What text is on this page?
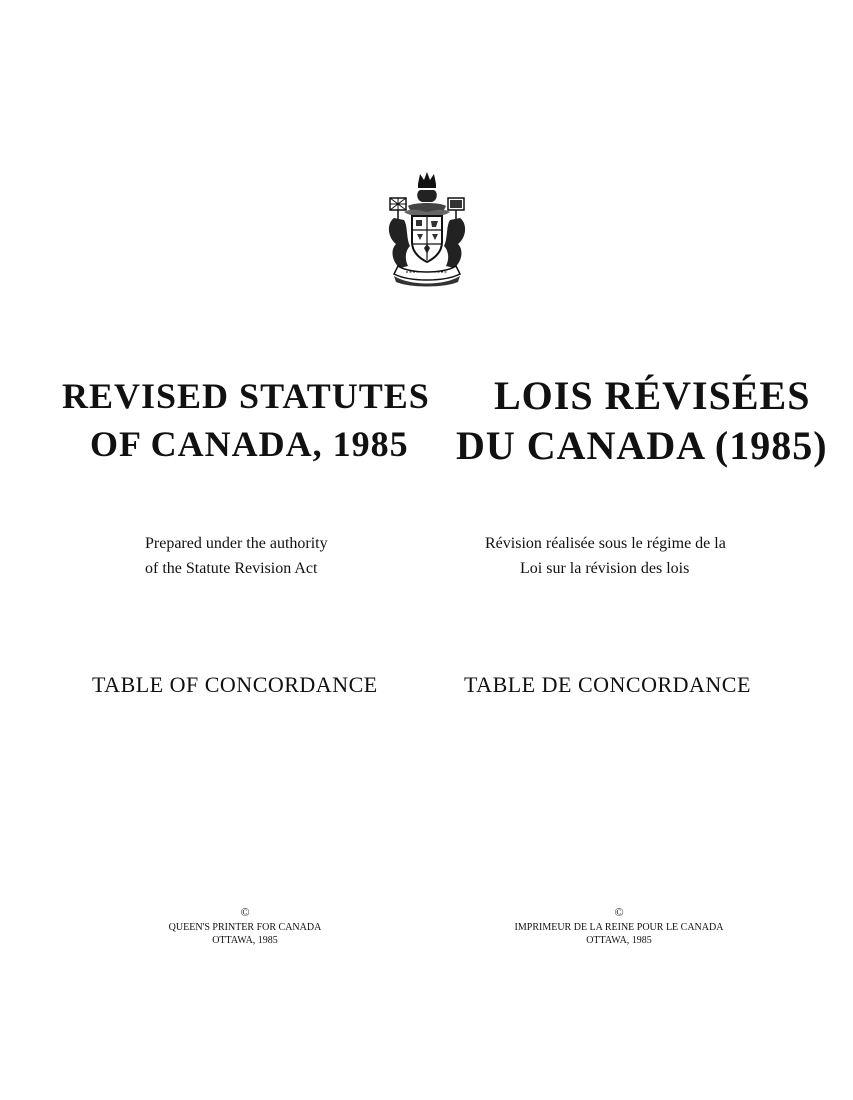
REVISED STATUTES
OF CANADA, 1985
LOIS RÉVISÉES
DU CANADA (1985)
Prepared under the authority
of the Statute Revision Act
Révision réalisée sous le régime de la
Loi sur la révision des lois
TABLE OF CONCORDANCE	TABLE DE CONCORDANCE
©
QUEEN'S PRINTER FOR CANADA
OTTAWA, 1985
©
IMPRIMEUR DE LA REINE POUR LE CANADA
OTTAWA, 1985
